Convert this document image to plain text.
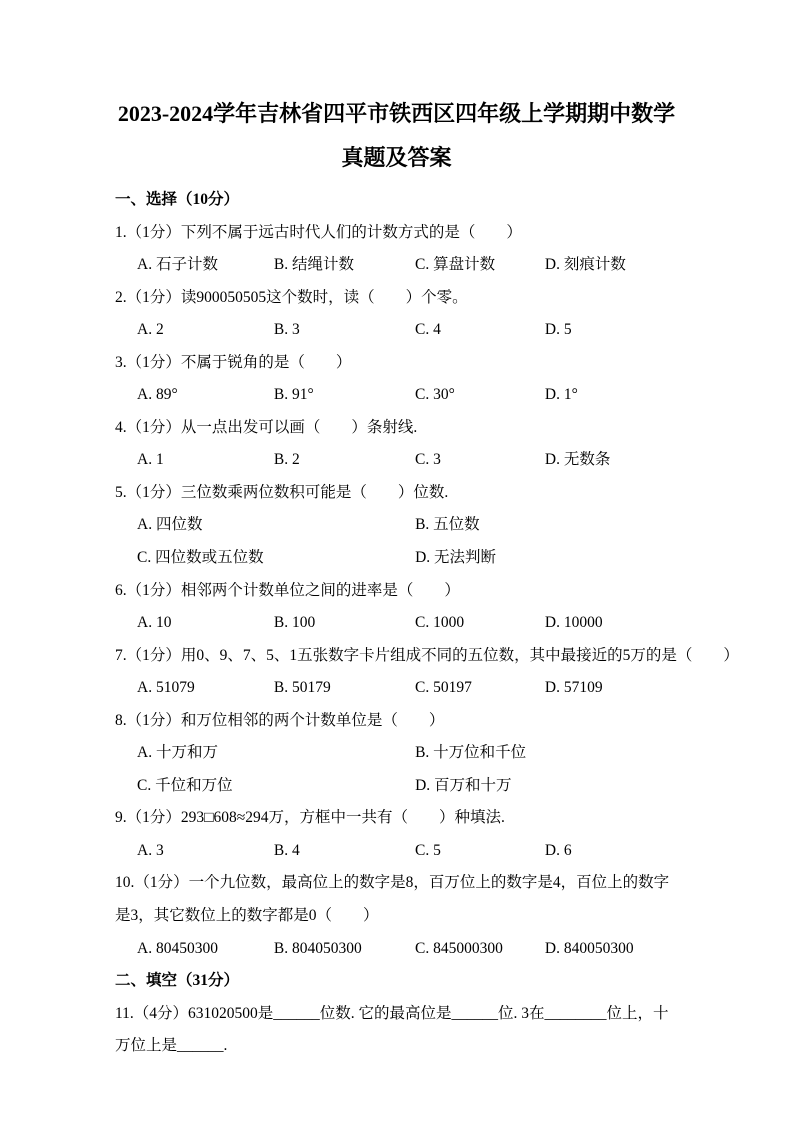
2023-2024学年吉林省四平市铁西区四年级上学期期中数学
真题及答案
一、选择（10分）
1.（1分）下列不属于远古时代人们的计数方式的是（　　）
A. 石子计数	B. 结绳计数	C. 算盘计数	D. 刻痕计数
2.（1分）读900050505这个数时，读（　　）个零。
A. 2	B. 3	C. 4	D. 5
3.（1分）不属于锐角的是（　　）
A. 89°	B. 91°	C. 30°	D. 1°
4.（1分）从一点出发可以画（　　）条射线.
A. 1	B. 2	C. 3	D. 无数条
5.（1分）三位数乘两位数积可能是（　　）位数.
A. 四位数	B. 五位数
C. 四位数或五位数	D. 无法判断
6.（1分）相邻两个计数单位之间的进率是（　　）
A. 10	B. 100	C. 1000	D. 10000
7.（1分）用0、9、7、5、1五张数字卡片组成不同的五位数，其中最接近的5万的是（　　）
A. 51079	B. 50179	C. 50197	D. 57109
8.（1分）和万位相邻的两个计数单位是（　　）
A. 十万和万	B. 十万位和千位
C. 千位和万位	D. 百万和十万
9.（1分）293□608≈294万，方框中一共有（　　）种填法.
A. 3	B. 4	C. 5	D. 6
10.（1分）一个九位数，最高位上的数字是8，百万位上的数字是4，百位上的数字是3，其它数位上的数字都是0（　　）
A. 80450300	B. 804050300	C. 845000300	D. 840050300
二、填空（31分）
11.（4分）631020500是______位数. 它的最高位是______位. 3在________位上，十万位上是______.
